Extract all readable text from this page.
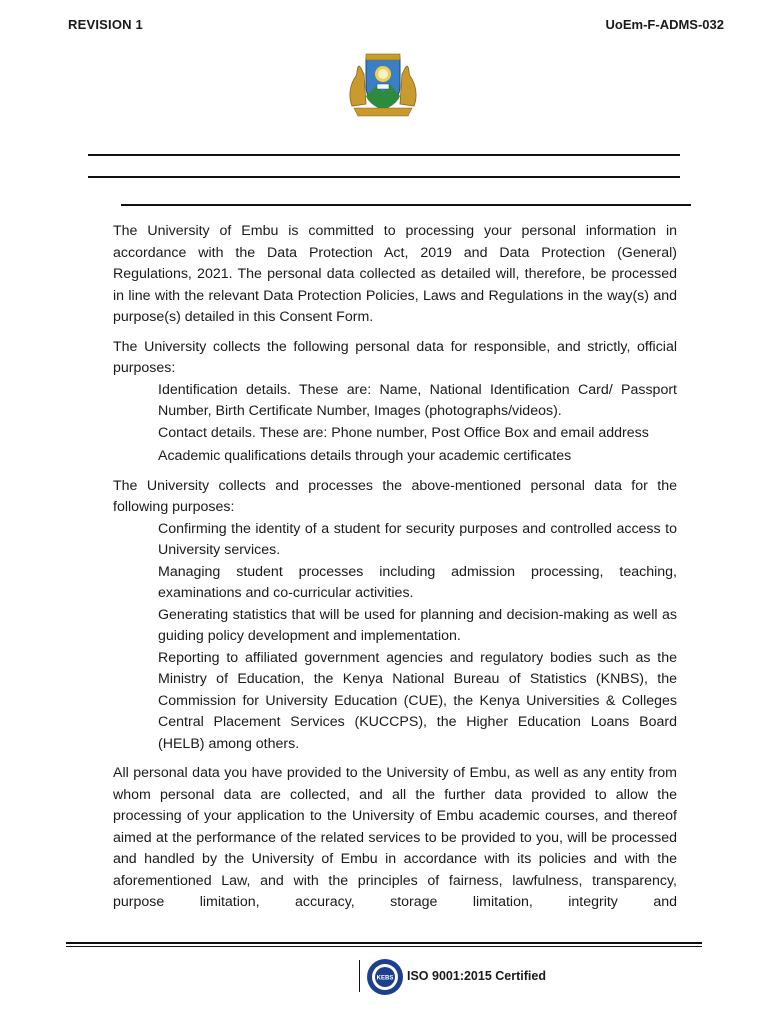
REVISION 1	UoEm-F-ADMS-032

The University of Embu is committed to processing your personal information in accordance with the Data Protection Act, 2019 and Data Protection (General) Regulations, 2021. The personal data collected as detailed will, therefore, be processed in line with the relevant Data Protection Policies, Laws and Regulations in the way(s) and purpose(s) detailed in this Consent Form.

The University collects the following personal data for responsible, and strictly, official purposes:

Identification details. These are: Name, National Identification Card/ Passport Number, Birth Certificate Number, Images (photographs/videos).
Contact details. These are: Phone number, Post Office Box and email address
Academic qualifications details through your academic certificates

The University collects and processes the above-mentioned personal data for the following purposes:

Confirming the identity of a student for security purposes and controlled access to University services.
Managing student processes including admission processing, teaching, examinations and co-curricular activities.
Generating statistics that will be used for planning and decision-making as well as guiding policy development and implementation.
Reporting to affiliated government agencies and regulatory bodies such as the Ministry of Education, the Kenya National Bureau of Statistics (KNBS), the Commission for University Education (CUE), the Kenya Universities & Colleges Central Placement Services (KUCCPS), the Higher Education Loans Board (HELB) among others.

All personal data you have provided to the University of Embu, as well as any entity from whom personal data are collected, and all the further data provided to allow the processing of your application to the University of Embu academic courses, and thereof aimed at the performance of the related services to be provided to you, will be processed and handled by the University of Embu in accordance with its policies and with the aforementioned Law, and with the principles of fairness, lawfulness, transparency, purpose limitation, accuracy, storage limitation, integrity and

KEBS ISO 9001:2015 Certified
